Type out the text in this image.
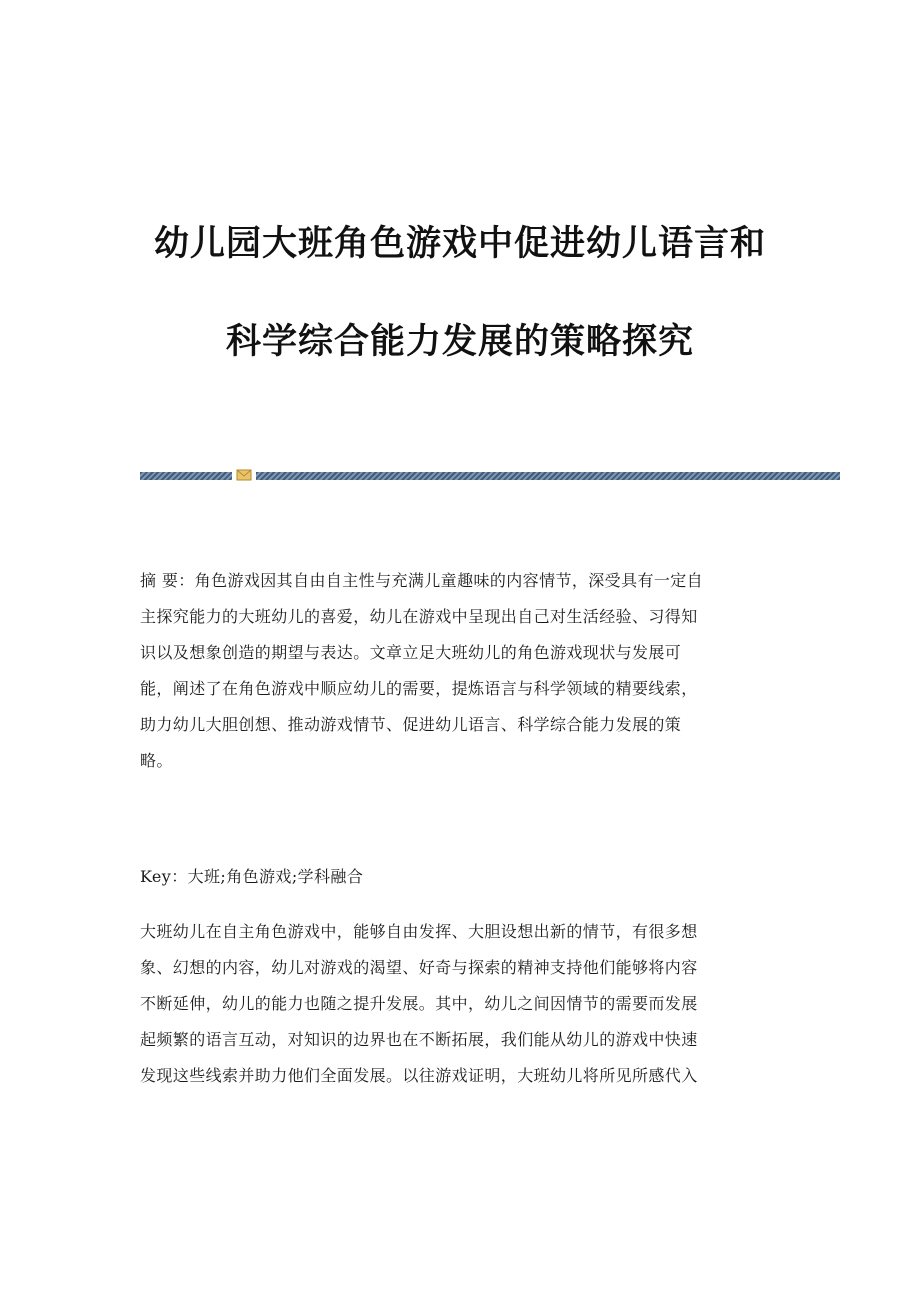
幼儿园大班角色游戏中促进幼儿语言和
科学综合能力发展的策略探究
摘 要：角色游戏因其自由自主性与充满儿童趣味的内容情节，深受具有一定自
主探究能力的大班幼儿的喜爱，幼儿在游戏中呈现出自己对生活经验、习得知
识以及想象创造的期望与表达。文章立足大班幼儿的角色游戏现状与发展可
能，阐述了在角色游戏中顺应幼儿的需要，提炼语言与科学领域的精要线索，
助力幼儿大胆创想、推动游戏情节、促进幼儿语言、科学综合能力发展的策
略。
Key：大班;角色游戏;学科融合
大班幼儿在自主角色游戏中，能够自由发挥、大胆设想出新的情节，有很多想
象、幻想的内容，幼儿对游戏的渴望、好奇与探索的精神支持他们能够将内容
不断延伸，幼儿的能力也随之提升发展。其中，幼儿之间因情节的需要而发展
起频繁的语言互动，对知识的边界也在不断拓展，我们能从幼儿的游戏中快速
发现这些线索并助力他们全面发展。以往游戏证明，大班幼儿将所见所感代入
